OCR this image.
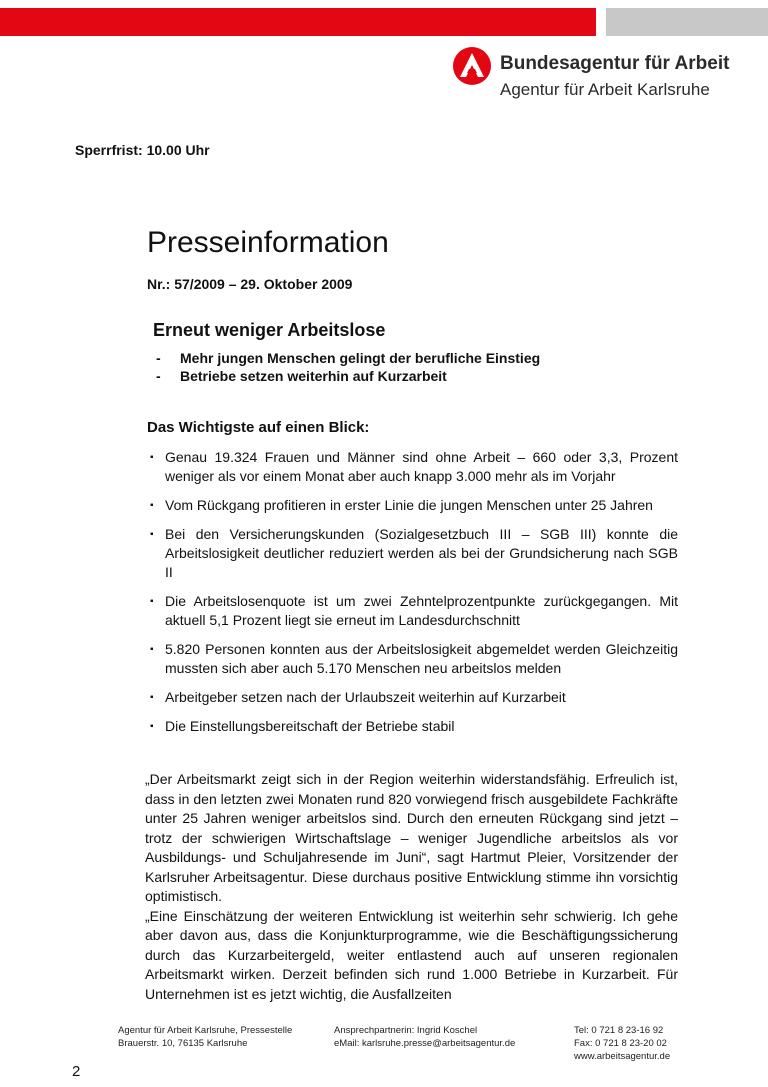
Bundesagentur für Arbeit
Agentur für Arbeit Karlsruhe
Sperrfrist: 10.00 Uhr
Presseinformation
Nr.: 57/2009 – 29. Oktober 2009
Erneut weniger Arbeitslose
-	Mehr jungen Menschen gelingt der berufliche Einstieg
-	Betriebe setzen weiterhin auf Kurzarbeit
Das Wichtigste auf einen Blick:
▪ Genau 19.324 Frauen und Männer sind ohne Arbeit – 660 oder 3,3, Prozent weniger als vor einem Monat aber auch knapp 3.000 mehr als im Vorjahr
▪ Vom Rückgang profitieren in erster Linie die jungen Menschen unter 25 Jahren
▪ Bei den Versicherungskunden (Sozialgesetzbuch III – SGB III) konnte die Arbeitslosigkeit deutlicher reduziert werden als bei der Grundsicherung nach SGB II
▪ Die Arbeitslosenquote ist um zwei Zehntelprozentpunkte zurückgegangen. Mit aktuell 5,1 Prozent liegt sie erneut im Landesdurchschnitt
▪ 5.820 Personen konnten aus der Arbeitslosigkeit abgemeldet werden Gleichzeitig mussten sich aber auch 5.170 Menschen neu arbeitslos melden
▪ Arbeitgeber setzen nach der Urlaubszeit weiterhin auf Kurzarbeit
▪ Die Einstellungsbereitschaft der Betriebe stabil

„Der Arbeitsmarkt zeigt sich in der Region weiterhin widerstandsfähig. Erfreulich ist, dass in den letzten zwei Monaten rund 820 vorwiegend frisch ausgebildete Fachkräfte unter 25 Jahren weniger arbeitslos sind. Durch den erneuten Rückgang sind jetzt – trotz der schwierigen Wirtschaftslage – weniger Jugendliche arbeitslos als vor Ausbildungs- und Schuljahresende im Juni“, sagt Hartmut Pleier, Vorsitzender der Karlsruher Arbeitsagentur. Diese durchaus positive Entwicklung stimme ihn vorsichtig optimistisch.

„Eine Einschätzung der weiteren Entwicklung ist weiterhin sehr schwierig. Ich gehe aber davon aus, dass die Konjunkturprogramme, wie die Beschäftigungssicherung durch das Kurzarbeitergeld, weiter entlastend auch auf unseren regionalen Arbeitsmarkt wirken. Derzeit befinden sich rund 1.000 Betriebe in Kurzarbeit. Für Unternehmen ist es jetzt wichtig, die Ausfallzeiten

Agentur für Arbeit Karlsruhe, Pressestelle
Brauerstr. 10, 76135 Karlsruhe
Ansprechpartnerin: Ingrid Koschel
eMail: karlsruhe.presse@arbeitsagentur.de
Tel: 0 721 8 23-16 92
Fax: 0 721 8 23-20 02
www.arbeitsagentur.de
2
